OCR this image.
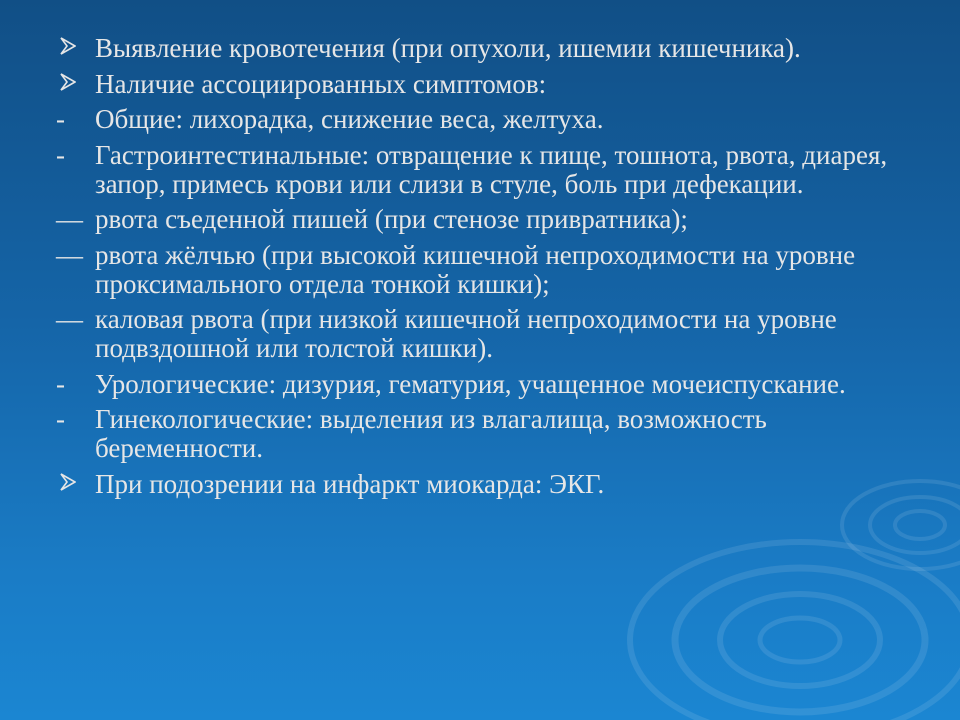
Выявление кровотечения (при опухоли, ишемии кишечника).
Наличие ассоциированных симптомов:
- Общие: лихорадка, снижение веса, желтуха.
- Гастроинтестинальные: отвращение к пище, тошнота, рвота, диарея, запор, примесь крови или слизи в стуле, боль при дефекации.
— рвота съеденной пишей (при стенозе привратника);
— рвота жёлчью (при высокой кишечной непроходимости на уровне проксимального отдела тонкой кишки);
— каловая рвота (при низкой кишечной непроходимости на уровне подвздошной или толстой кишки).
- Урологические: дизурия, гематурия, учащенное мочеиспускание.
- Гинекологические: выделения из влагалища, возможность беременности.
При подозрении на инфаркт миокарда: ЭКГ.
